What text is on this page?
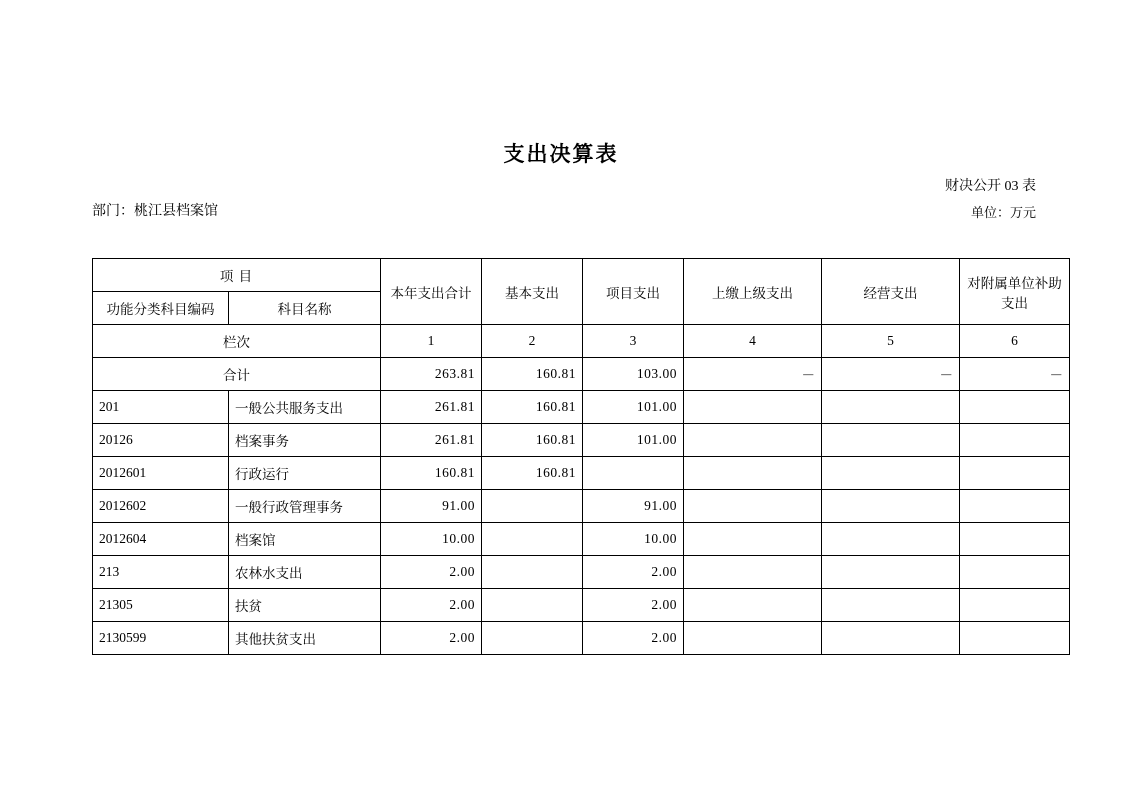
支出决算表
财决公开 03 表
部门：桃江县档案馆	单位：万元
项 目		本年支出合计	基本支出	项目支出	上缴上级支出	经营支出	对附属单位补助支出
功能分类科目编码	科目名称						
栏次		1	2	3	4	5	6
合计		263.81	160.81	103.00	－	－	－
201	一般公共服务支出	261.81	160.81	101.00			
20126	档案事务	261.81	160.81	101.00			
2012601	行政运行	160.81	160.81				
2012602	一般行政管理事务	91.00		91.00			
2012604	档案馆	10.00		10.00			
213	农林水支出	2.00		2.00			
21305	扶贫	2.00		2.00			
2130599	其他扶贫支出	2.00		2.00			
